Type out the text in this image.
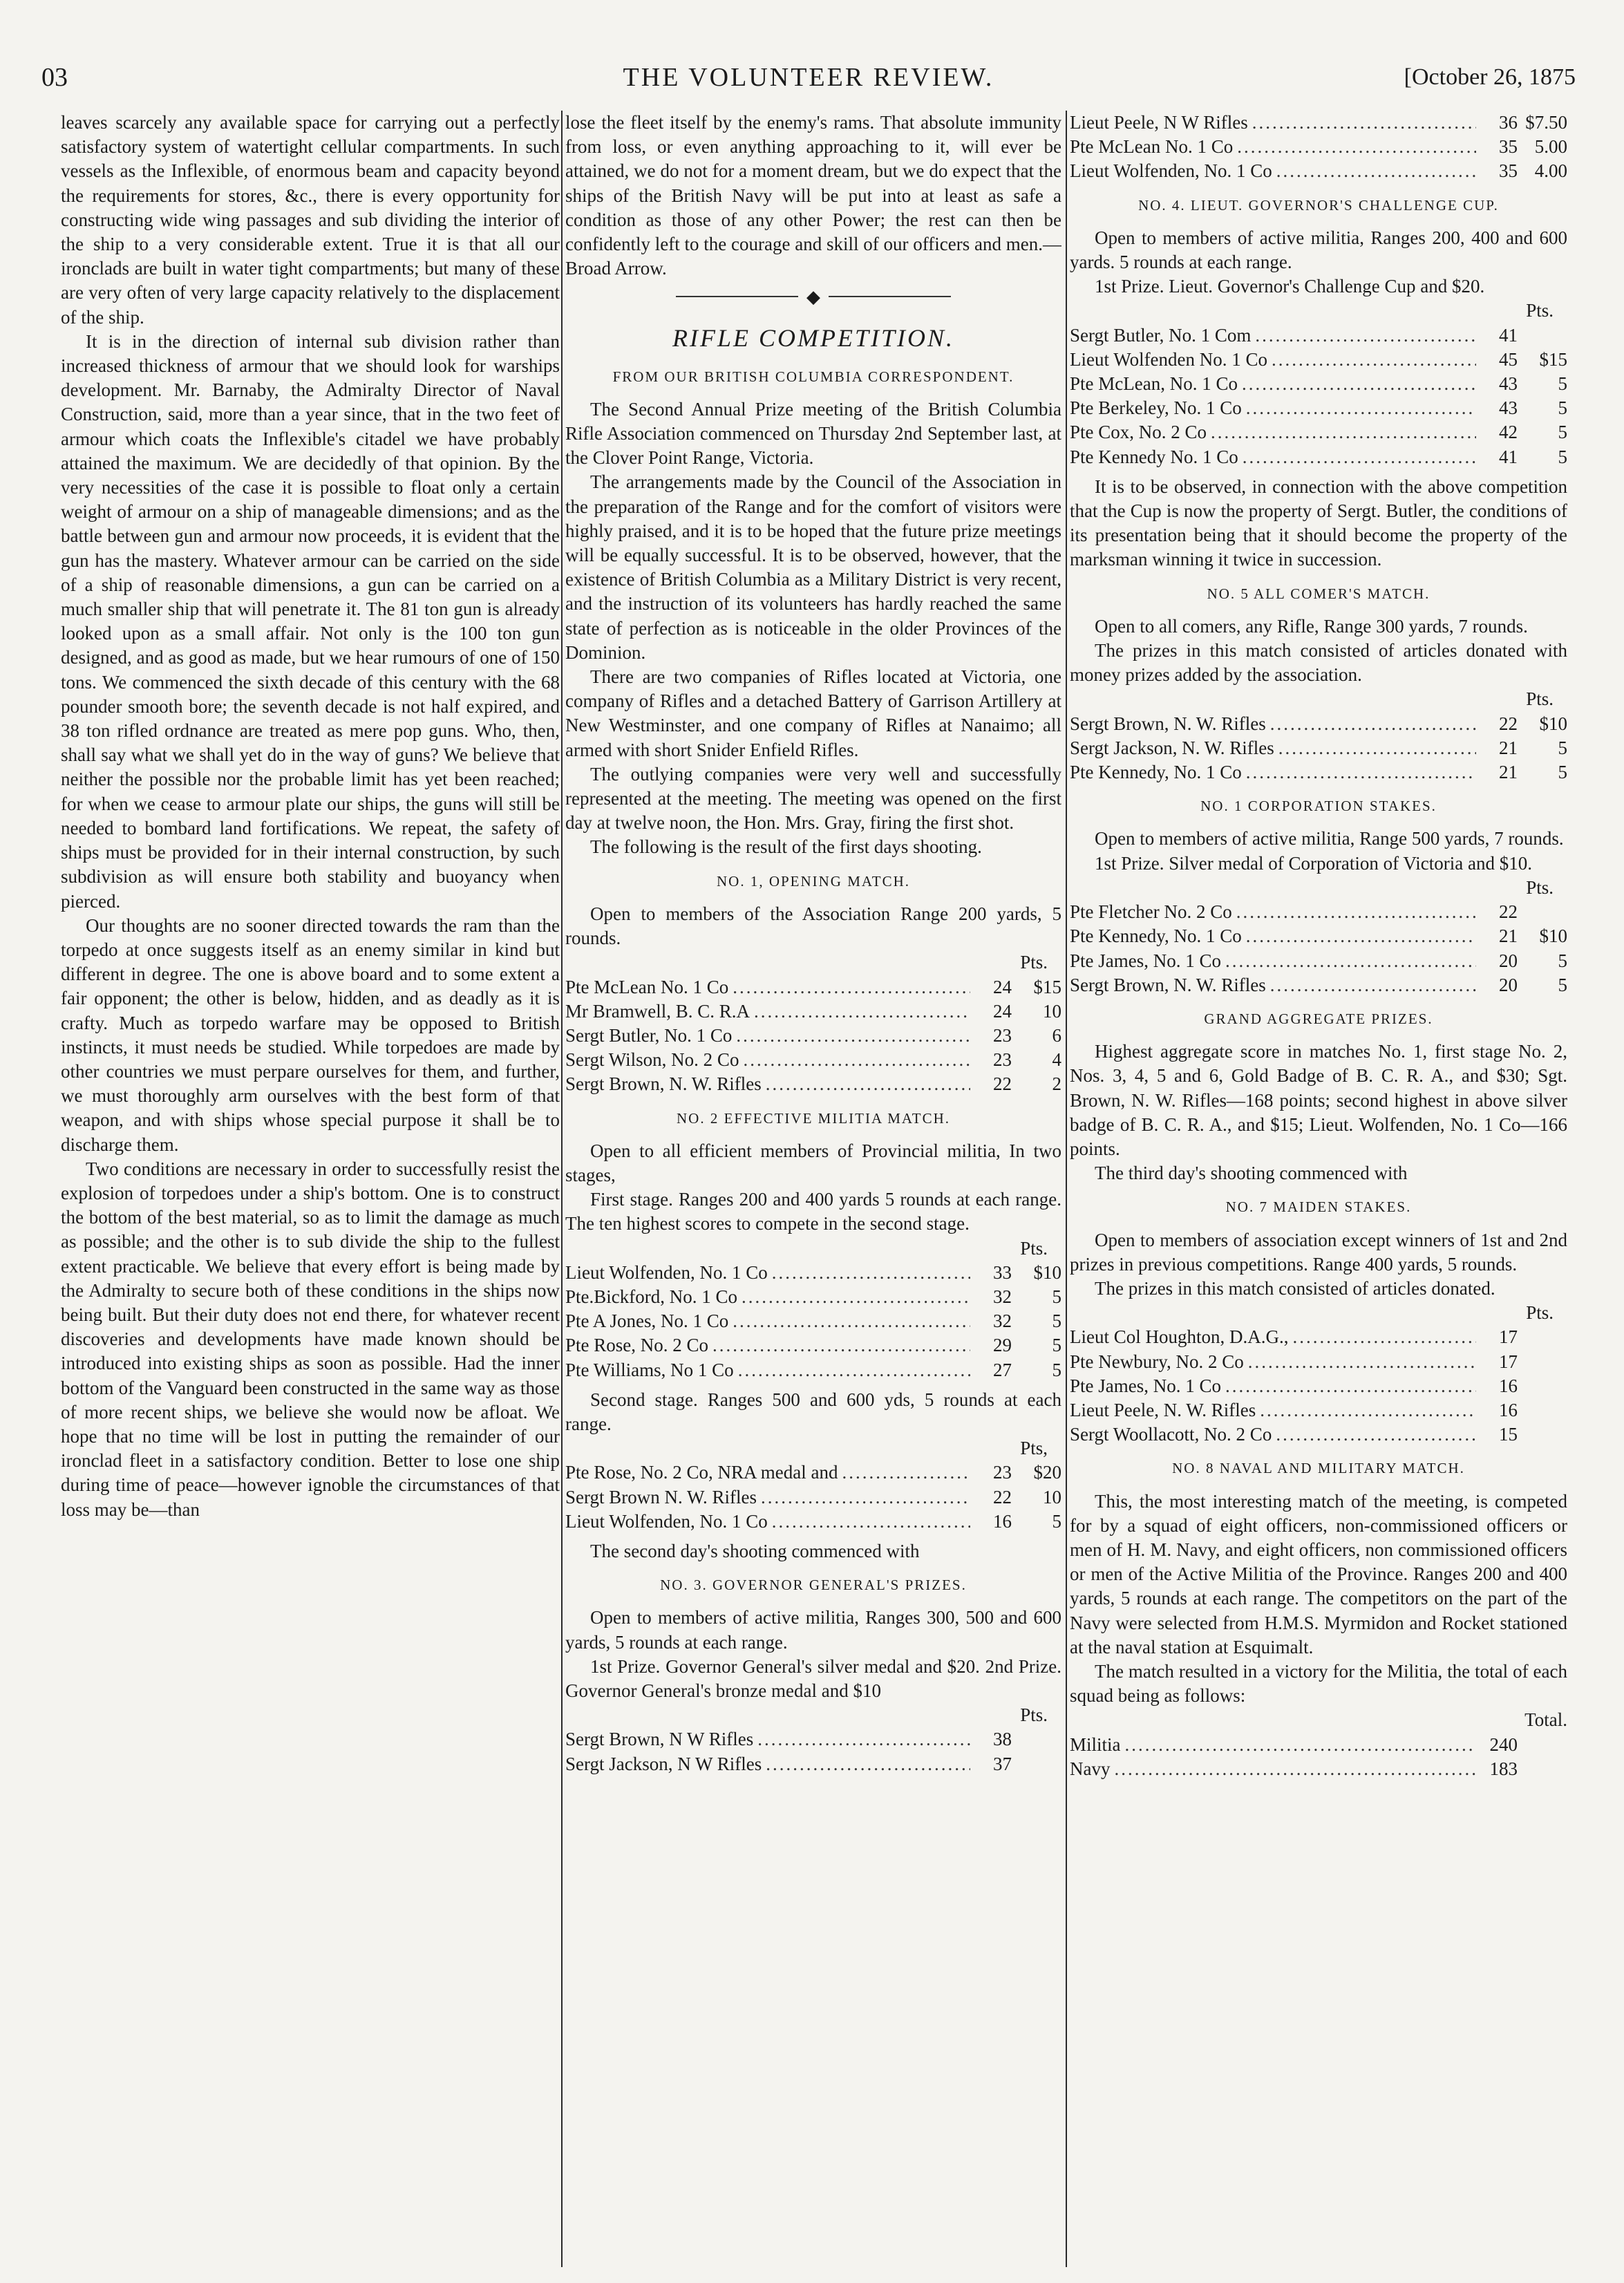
03	THE VOLUNTEER REVIEW.	[October 26, 1875

leaves scarcely any available space for carrying out a perfectly satisfactory system of watertight cellular compartments. In such vessels as the Inflexible, of enormous beam and capacity beyond the requirements for stores, &c., there is every opportunity for constructing wide wing passages and sub dividing the interior of the ship to a very considerable extent. True it is that all our ironclads are built in water tight compartments; but many of these are very often of very large capacity relatively to the displacement of the ship.

It is in the direction of internal sub division rather than increased thickness of armour that we should look for warships development. Mr. Barnaby, the Admiralty Director of Naval Construction, said, more than a year since, that in the two feet of armour which coats the Inflexible's citadel we have probably attained the maximum. We are decidedly of that opinion. By the very necessities of the case it is possible to float only a certain weight of armour on a ship of manageable dimensions; and as the battle between gun and armour now proceeds, it is evident that the gun has the mastery. Whatever armour can be carried on the side of a ship of reasonable dimensions, a gun can be carried on a much smaller ship that will penetrate it. The 81 ton gun is already looked upon as a small affair. Not only is the 100 ton gun designed, and as good as made, but we hear rumours of one of 150 tons. We commenced the sixth decade of this century with the 68 pounder smooth bore; the seventh decade is not half expired, and 38 ton rifled ordnance are treated as mere pop guns. Who, then, shall say what we shall yet do in the way of guns? We believe that neither the possible nor the probable limit has yet been reached; for when we cease to armour plate our ships, the guns will still be needed to bombard land fortifications. We repeat, the safety of ships must be provided for in their internal construction, by such subdivision as will ensure both stability and buoyancy when pierced.

Our thoughts are no sooner directed towards the ram than the torpedo at once suggests itself as an enemy similar in kind but different in degree. The one is above board and to some extent a fair opponent; the other is below, hidden, and as deadly as it is crafty. Much as torpedo warfare may be opposed to British instincts, it must needs be studied. While torpedoes are made by other countries we must perpare ourselves for them, and further, we must thoroughly arm ourselves with the best form of that weapon, and with ships whose special purpose it shall be to discharge them.

Two conditions are necessary in order to successfully resist the explosion of torpedoes under a ship's bottom. One is to construct the bottom of the best material, so as to limit the damage as much as possible; and the other is to sub divide the ship to the fullest extent practicable. We believe that every effort is being made by the Admiralty to secure both of these conditions in the ships now being built. But their duty does not end there, for whatever recent discoveries and developments have made known should be introduced into existing ships as soon as possible. Had the inner bottom of the Vanguard been constructed in the same way as those of more recent ships, we believe she would now be afloat. We hope that no time will be lost in putting the remainder of our ironclad fleet in a satisfactory condition. Better to lose one ship during time of peace—however ignoble the circumstances of that loss may be—than

lose the fleet itself by the enemy's rams. That absolute immunity from loss, or even anything approaching to it, will ever be attained, we do not for a moment dream, but we do expect that the ships of the British Navy will be put into at least as safe a condition as those of any other Power; the rest can then be confidently left to the courage and skill of our officers and men.—Broad Arrow.

◆
RIFLE COMPETITION.
FROM OUR BRITISH COLUMBIA CORRESPONDENT.

The Second Annual Prize meeting of the British Columbia Rifle Association commenced on Thursday 2nd September last, at the Clover Point Range, Victoria.

The arrangements made by the Council of the Association in the preparation of the Range and for the comfort of visitors were highly praised, and it is to be hoped that the future prize meetings will be equally successful. It is to be observed, however, that the existence of British Columbia as a Military District is very recent, and the instruction of its volunteers has hardly reached the same state of perfection as is noticeable in the older Provinces of the Dominion.

There are two companies of Rifles located at Victoria, one company of Rifles and a detached Battery of Garrison Artillery at New Westminster, and one company of Rifles at Nanaimo; all armed with short Snider Enfield Rifles.

The outlying companies were very well and successfully represented at the meeting. The meeting was opened on the first day at twelve noon, the Hon. Mrs. Gray, firing the first shot.

The following is the result of the first days shooting.

NO. 1, OPENING MATCH.

Open to members of the Association Range 200 yards, 5 rounds.

Pts.
Pte McLean No. 1 Co .....	24	$15
Mr Bramwell, B. C. R.A .....	24	10
Sergt Butler, No. 1 Co .....	23	6
Sergt Wilson, No. 2 Co .....	23	4
Sergt Brown, N. W. Rifles .....	22	2
NO. 2 EFFECTIVE MILITIA MATCH.

Open to all efficient members of Provincial militia, In two stages,

First stage. Ranges 200 and 400 yards 5 rounds at each range. The ten highest scores to compete in the second stage.

Pts.
Lieut Wolfenden, No. 1 Co .....	33	$10
Pte.Bickford, No. 1 Co .....	32	5
Pte A Jones, No. 1 Co .....	32	5
Pte Rose, No. 2 Co .....	29	5
Pte Williams, No 1 Co .....	27	5

Second stage. Ranges 500 and 600 yds, 5 rounds at each range.

Pts,
Pte Rose, No. 2 Co, NRA medal and .....	23	$20
Sergt Brown N. W. Rifles .....	22	10
Lieut Wolfenden, No. 1 Co .....	16	5

The second day's shooting commenced with

NO. 3. GOVERNOR GENERAL'S PRIZES.

Open to members of active militia, Ranges 300, 500 and 600 yards, 5 rounds at each range.

1st Prize. Governor General's silver medal and $20. 2nd Prize. Governor General's bronze medal and $10

Pts.
Sergt Brown, N W Rifles .....	38
Sergt Jackson, N W Rifles .....	37
Lieut Peele, N W Rifles .....	36 $7.50
Pte McLean No. 1 Co .....	35 5.00
Lieut Wolfenden, No. 1 Co .....	35 4.00
NO. 4. LIEUT. GOVERNOR'S CHALLENGE CUP.

Open to members of active militia, Ranges 200, 400 and 600 yards. 5 rounds at each range.

1st Prize. Lieut. Governor's Challenge Cup and $20.

Pts.
Sergt Butler, No. 1 Com .....	41
Lieut Wolfenden No. 1 Co .....	45	$15
Pte McLean, No. 1 Co .....	43	5
Pte Berkeley, No. 1 Co .....	43	5
Pte Cox, No. 2 Co .....	42	5
Pte Kennedy No. 1 Co .....	41	5

It is to be observed, in connection with the above competition that the Cup is now the property of Sergt. Butler, the conditions of its presentation being that it should become the property of the marksman winning it twice in succession.

NO. 5 ALL COMER'S MATCH.

Open to all comers, any Rifle, Range 300 yards, 7 rounds.

The prizes in this match consisted of articles donated with money prizes added by the association.

Pts.
Sergt Brown, N. W. Rifles .....	22	$10
Sergt Jackson, N. W. Rifles .....	21	5
Pte Kennedy, No. 1 Co .....	21	5
NO. 1 CORPORATION STAKES.

Open to members of active militia, Range 500 yards, 7 rounds.

1st Prize. Silver medal of Corporation of Victoria and $10.

Pts.
Pte Fletcher No. 2 Co .....	22
Pte Kennedy, No. 1 Co .....	21	$10
Pte James, No. 1 Co .....	20	5
Sergt Brown, N. W. Rifles .....	20	5
GRAND AGGREGATE PRIZES.

Highest aggregate score in matches No. 1, first stage No. 2, Nos. 3, 4, 5 and 6, Gold Badge of B. C. R. A., and $30; Sgt. Brown, N. W. Rifles—168 points; second highest in above silver badge of B. C. R. A., and $15; Lieut. Wolfenden, No. 1 Co—166 points.

The third day's shooting commenced with

NO. 7 MAIDEN STAKES.

Open to members of association except winners of 1st and 2nd prizes in previous competitions. Range 400 yards, 5 rounds.

The prizes in this match consisted of articles donated.

Pts.
Lieut Col Houghton, D.A.G., .....	17
Pte Newbury, No. 2 Co .....	17
Pte James, No. 1 Co .....	16
Lieut Peele, N. W. Rifles .....	16
Sergt Woollacott, No. 2 Co .....	15
NO. 8 NAVAL AND MILITARY MATCH.

This, the most interesting match of the meeting, is competed for by a squad of eight officers, non-commissioned officers or men of H. M. Navy, and eight officers, non commissioned officers or men of the Active Militia of the Province. Ranges 200 and 400 yards, 5 rounds at each range. The competitors on the part of the Navy were selected from H.M.S. Myrmidon and Rocket stationed at the naval station at Esquimalt.

The match resulted in a victory for the Militia, the total of each squad being as follows:

Total.
Militia .....	240
Navy .....	183
